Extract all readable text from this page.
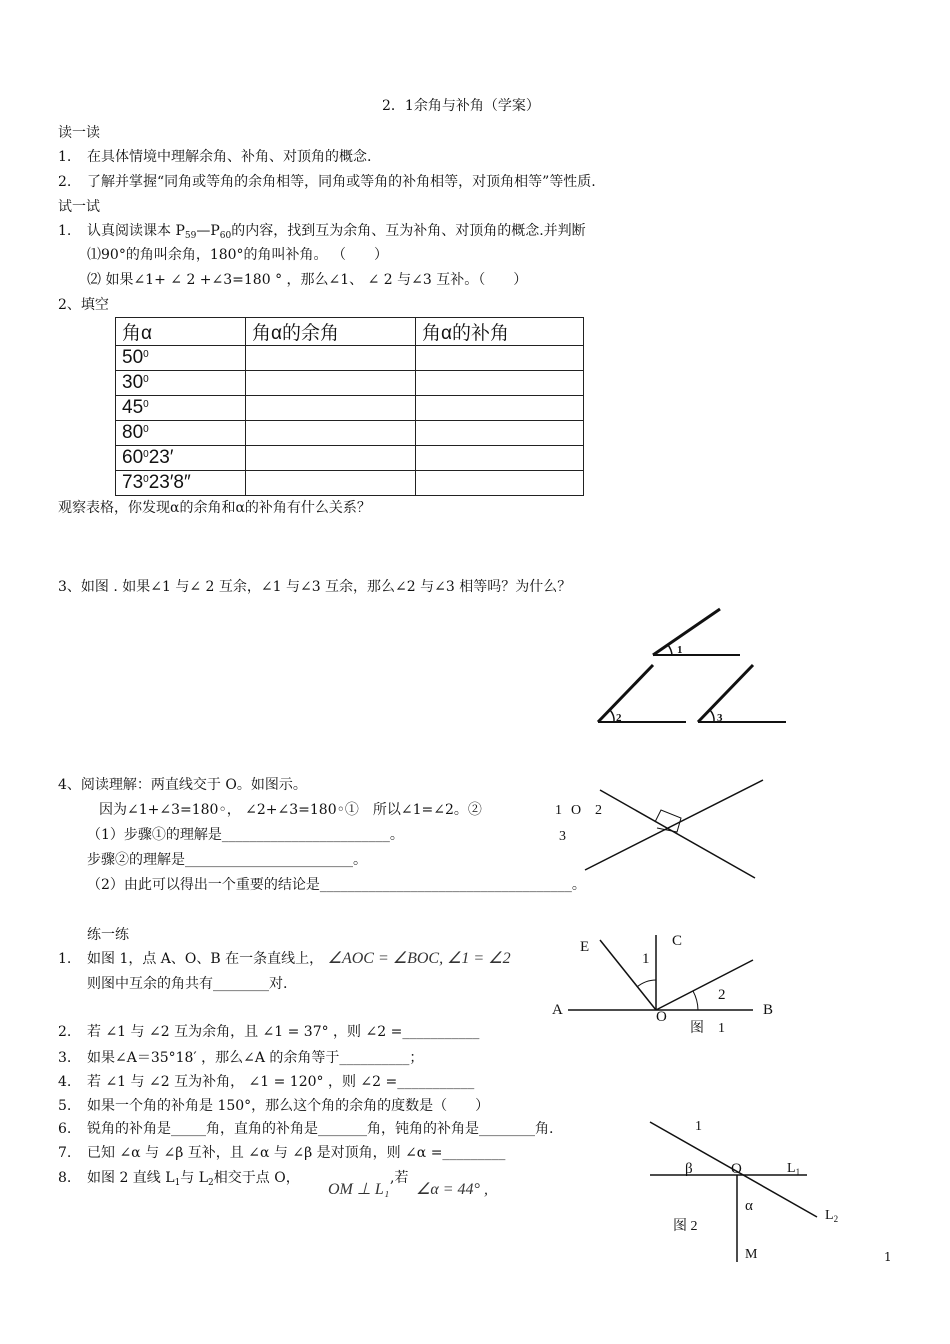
2．1余角与补角（学案）
读一读
1. 在具体情境中理解余角、补角、对顶角的概念.
2. 了解并掌握“同角或等角的余角相等，同角或等角的补角相等，对顶角相等”等性质.
试一试
1. 认真阅读课本 $P_{59}—P_{60}$的内容，找到互为余角、互为补角、对顶角的概念.并判断
⑴90°的角叫余角，180°的角叫补角。 （　　）
⑵ 如果∠1+ ∠ 2 +∠3=180 ° ，那么∠1、 ∠ 2 与∠3 互补。（　　）
2、填空
角α	角α的余角	角α的补角
$50^0$		
$30^0$		
$45^0$		
$80^0$		
$60^023'$		
$73^023'8''$		
观察表格，你发现α的余角和α的补角有什么关系？
3、如图 . 如果∠1 与∠ 2 互余，∠1 与∠3 互余，那么∠2 与∠3 相等吗？为什么？
1
2	3
4、阅读理解：两直线交于 O。如图示。
因为∠1+∠3=180◦， ∠2+∠3=180◦①　所以∠1=∠2。②
（1）步骤①的理解是________________________。
步骤②的理解是________________________。
（2）由此可以得出一个重要的结论是____________________________________。
1 O 2
3
练一练
1. 如图 1，点 A、O、B 在一条直线上， ∠AOC = ∠BOC, ∠1 = ∠2
则图中互余的角共有________对.
2. 若 ∠1 与 ∠2 互为余角，且 ∠1 = 37° ，则 ∠2 =___________
3. 如果∠A＝35°18′ ，那么∠A 的余角等于__________；
4. 若 ∠1 与 ∠2 互为补角， ∠1 = 120° ，则 ∠2 =___________
5. 如果一个角的补角是 150°，那么这个角的余角的度数是（　　）
6. 锐角的补角是_____角，直角的补角是_______角，钝角的补角是________角.
7. 已知 ∠α 与 ∠β 互补，且 ∠α 与 ∠β 是对顶角，则 ∠α =_________
8. 如图 2 直线 $L_1$与 $L_2$相交于点 O，
OM ⊥ L₁
,若
∠α = 44° ,
E	C
1
2
A	O	B
图　1
1
β	O	$L_1$
α
$L_2$
M
图 2
1
